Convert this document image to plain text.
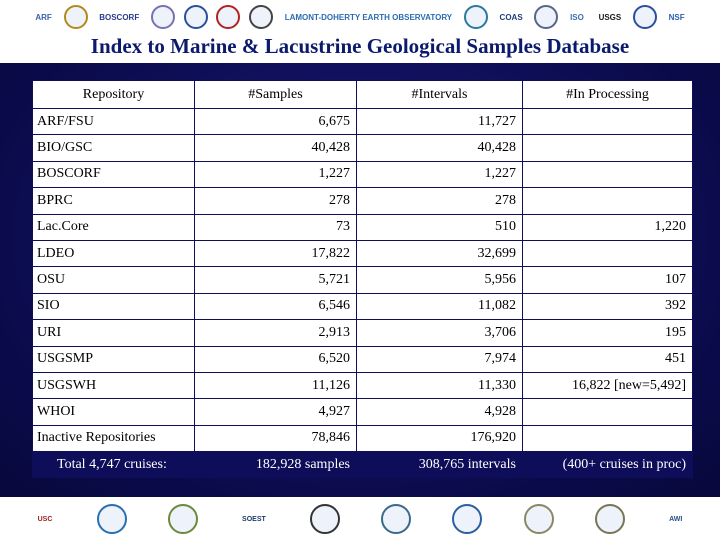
ARF	BOSCORF	LAMONT-DOHERTY EARTH OBSERVATORY	COAS	ISO	USGS	NSF
Index to Marine & Lacustrine Geological Samples Database
Repository	#Samples	#Intervals	#In Processing
ARF/FSU	6,675	11,727	
BIO/GSC	40,428	40,428	
BOSCORF	1,227	1,227	
BPRC	278	278	
Lac.Core	73	510	1,220
LDEO	17,822	32,699	
OSU	5,721	5,956	107
SIO	6,546	11,082	392
URI	2,913	3,706	195
USGSMP	6,520	7,974	451
USGSWH	11,126	11,330	16,822 [new=5,492]
WHOI	4,927	4,928	
Inactive Repositories	78,846	176,920	
Total 4,747 cruises:	182,928 samples	308,765 intervals	(400+ cruises in proc)
USC	SOEST	AWI
